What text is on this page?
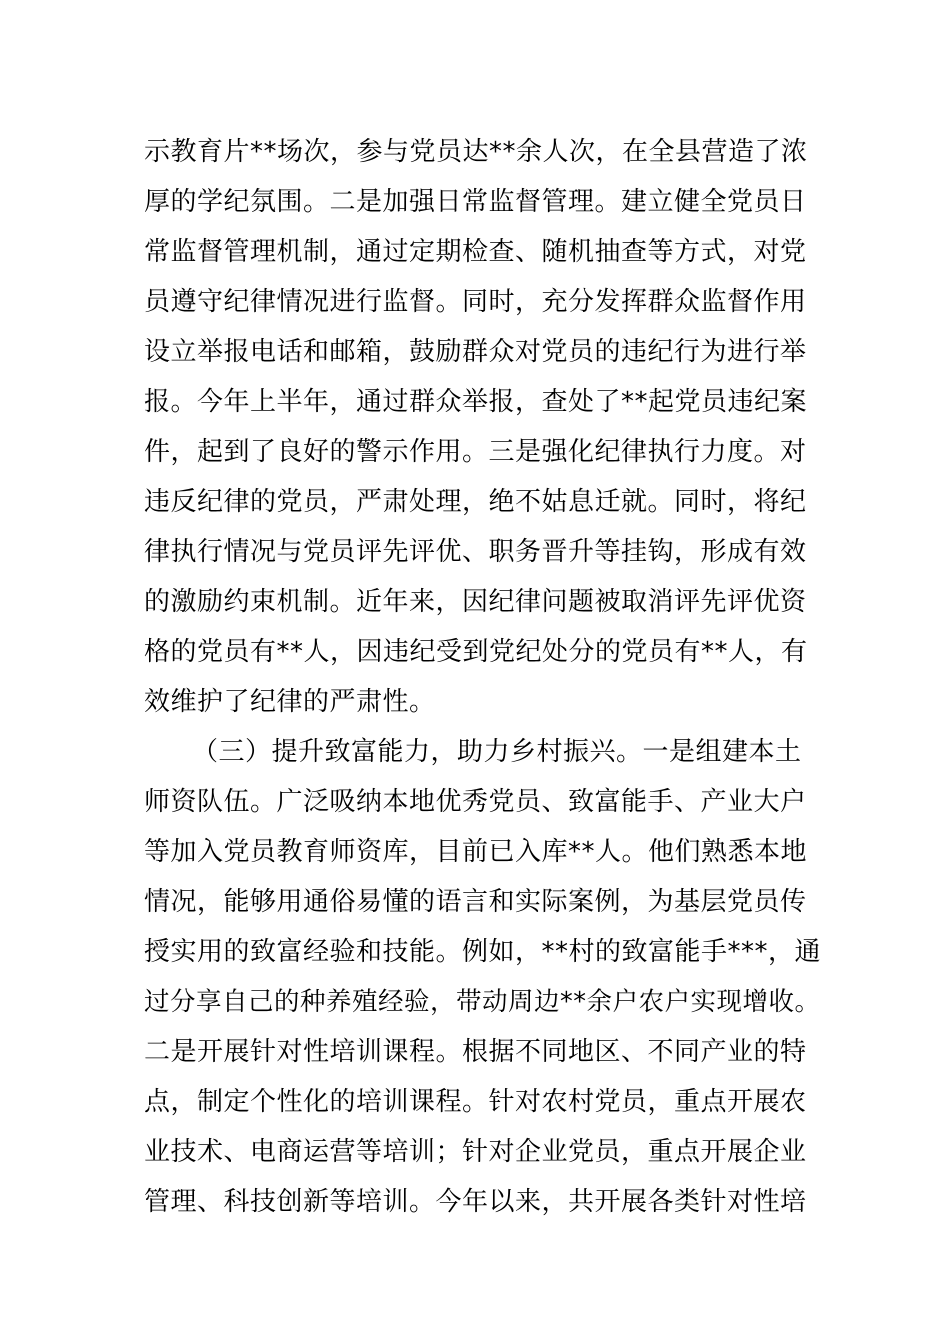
示教育片**场次，参与党员达**余人次，在全县营造了浓
厚的学纪氛围。二是加强日常监督管理。建立健全党员日
常监督管理机制，通过定期检查、随机抽查等方式，对党
员遵守纪律情况进行监督。同时，充分发挥群众监督作用
设立举报电话和邮箱，鼓励群众对党员的违纪行为进行举
报。今年上半年，通过群众举报，查处了**起党员违纪案
件，起到了良好的警示作用。三是强化纪律执行力度。对
违反纪律的党员，严肃处理，绝不姑息迁就。同时，将纪
律执行情况与党员评先评优、职务晋升等挂钩，形成有效
的激励约束机制。近年来，因纪律问题被取消评先评优资
格的党员有**人，因违纪受到党纪处分的党员有**人，有
效维护了纪律的严肃性。
（三）提升致富能力，助力乡村振兴。一是组建本土
师资队伍。广泛吸纳本地优秀党员、致富能手、产业大户
等加入党员教育师资库，目前已入库**人。他们熟悉本地
情况，能够用通俗易懂的语言和实际案例，为基层党员传
授实用的致富经验和技能。例如，**村的致富能手***，通
过分享自己的种养殖经验，带动周边**余户农户实现增收。
二是开展针对性培训课程。根据不同地区、不同产业的特
点，制定个性化的培训课程。针对农村党员，重点开展农
业技术、电商运营等培训；针对企业党员，重点开展企业
管理、科技创新等培训。今年以来，共开展各类针对性培
